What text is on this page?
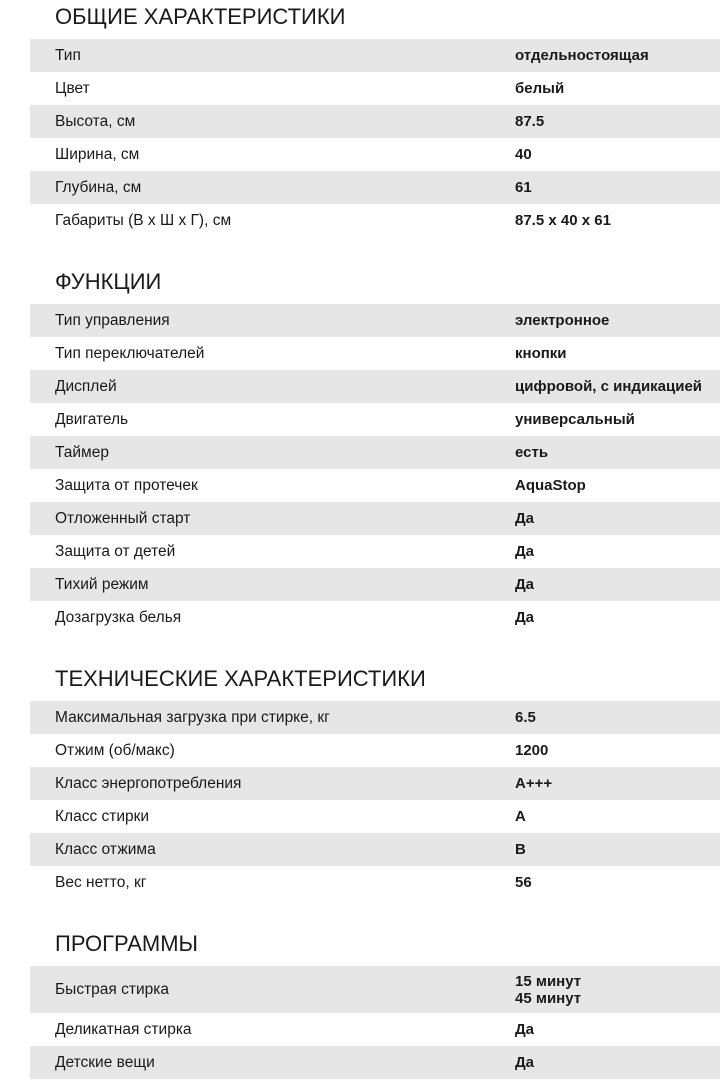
ОБЩИЕ ХАРАКТЕРИСТИКИ
Тип	отдельностоящая
Цвет	белый
Высота, см	87.5
Ширина, см	40
Глубина, см	61
Габариты (В х Ш х Г), см	87.5 x 40 x 61
ФУНКЦИИ
Тип управления	электронное
Тип переключателей	кнопки
Дисплей	цифровой, с индикацией
Двигатель	универсальный
Таймер	есть
Защита от протечек	AquaStop
Отложенный старт	Да
Защита от детей	Да
Тихий режим	Да
Дозагрузка белья	Да
ТЕХНИЧЕСКИЕ ХАРАКТЕРИСТИКИ
Максимальная загрузка при стирке, кг	6.5
Отжим (об/макс)	1200
Класс энергопотребления	A+++
Класс стирки	A
Класс отжима	B
Вес нетто, кг	56
ПРОГРАММЫ
Быстрая стирка	15 минут
45 минут
Деликатная стирка	Да
Детские вещи	Да
